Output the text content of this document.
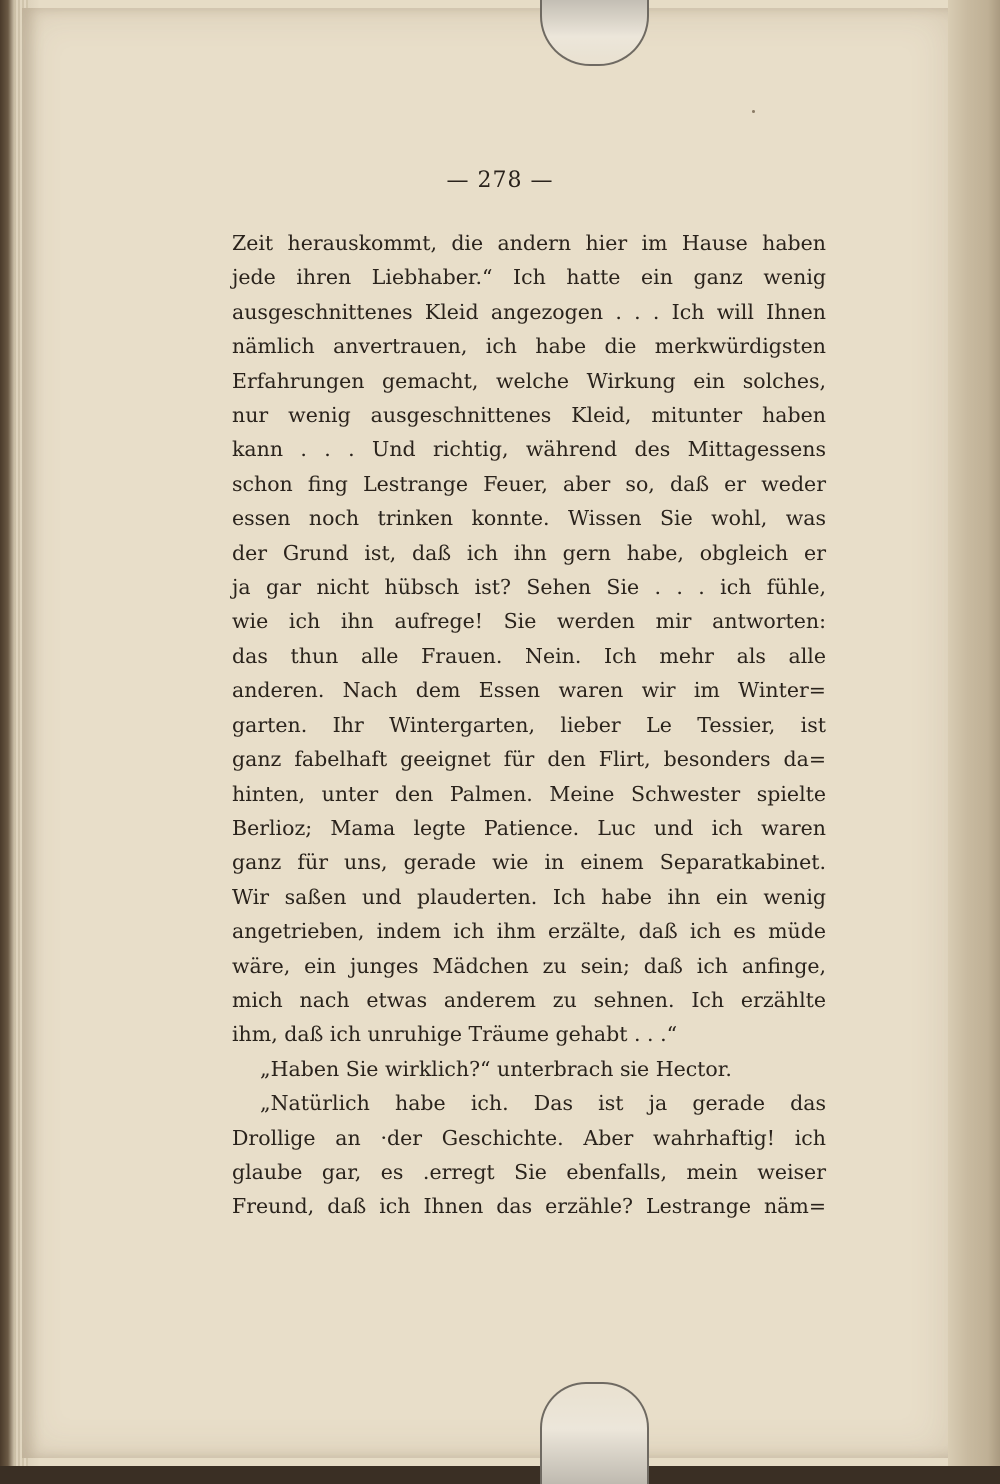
— 278 —
Zeit herauskommt, die andern hier im Hause haben
jede ihren Liebhaber.“ Ich hatte ein ganz wenig
ausgeschnittenes Kleid angezogen . . . Ich will Ihnen
nämlich anvertrauen, ich habe die merkwürdigsten
Erfahrungen gemacht, welche Wirkung ein solches,
nur wenig ausgeschnittenes Kleid, mitunter haben
kann . . . Und richtig, während des Mittagessens
schon fing Lestrange Feuer, aber so, daß er weder
essen noch trinken konnte. Wissen Sie wohl, was
der Grund ist, daß ich ihn gern habe, obgleich er
ja gar nicht hübsch ist? Sehen Sie . . . ich fühle,
wie ich ihn aufrege! Sie werden mir antworten:
das thun alle Frauen. Nein. Ich mehr als alle
anderen. Nach dem Essen waren wir im Winter=
garten. Ihr Wintergarten, lieber Le Tessier, ist
ganz fabelhaft geeignet für den Flirt, besonders da=
hinten, unter den Palmen. Meine Schwester spielte
Berlioz; Mama legte Patience. Luc und ich waren
ganz für uns, gerade wie in einem Separatkabinet.
Wir saßen und plauderten. Ich habe ihn ein wenig
angetrieben, indem ich ihm erzälte, daß ich es müde
wäre, ein junges Mädchen zu sein; daß ich anfinge,
mich nach etwas anderem zu sehnen. Ich erzählte
ihm, daß ich unruhige Träume gehabt . . .“
„Haben Sie wirklich?“ unterbrach sie Hector.
„Natürlich habe ich. Das ist ja gerade das
Drollige an ·der Geschichte. Aber wahrhaftig! ich
glaube gar, es .erregt Sie ebenfalls, mein weiser
Freund, daß ich Ihnen das erzähle? Lestrange näm=
